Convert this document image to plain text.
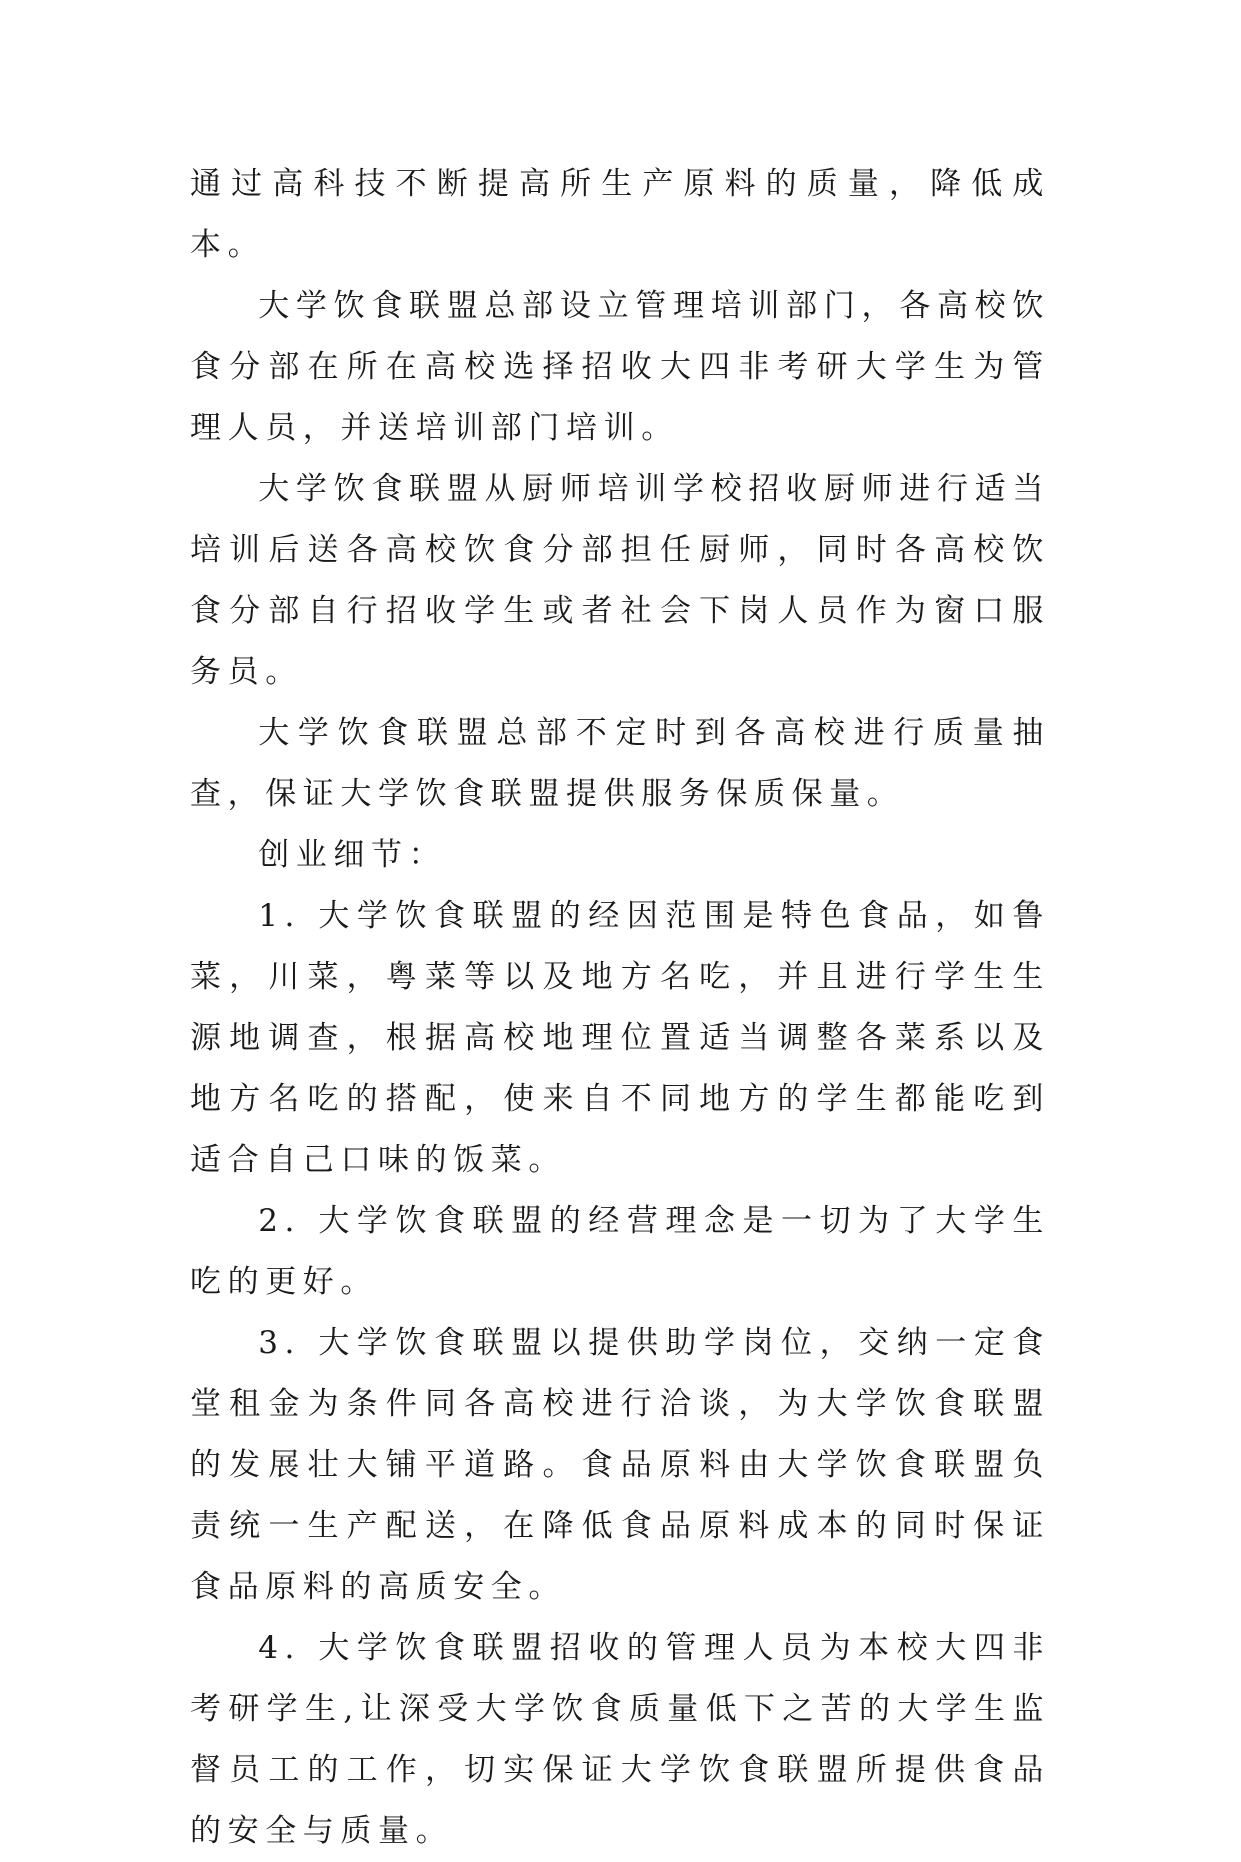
通过高科技不断提高所生产原料的质量，降低成本。

大学饮食联盟总部设立管理培训部门，各高校饮食分部在所在高校选择招收大四非考研大学生为管理人员，并送培训部门培训。

大学饮食联盟从厨师培训学校招收厨师进行适当培训后送各高校饮食分部担任厨师，同时各高校饮食分部自行招收学生或者社会下岗人员作为窗口服务员。

大学饮食联盟总部不定时到各高校进行质量抽查，保证大学饮食联盟提供服务保质保量。

创业细节：

1. 大学饮食联盟的经因范围是特色食品，如鲁菜，川菜，粤菜等以及地方名吃，并且进行学生生源地调查，根据高校地理位置适当调整各菜系以及地方名吃的搭配，使来自不同地方的学生都能吃到适合自己口味的饭菜。

2. 大学饮食联盟的经营理念是一切为了大学生吃的更好。

3. 大学饮食联盟以提供助学岗位，交纳一定食堂租金为条件同各高校进行洽谈，为大学饮食联盟的发展壮大铺平道路。食品原料由大学饮食联盟负责统一生产配送，在降低食品原料成本的同时保证食品原料的高质安全。

4. 大学饮食联盟招收的管理人员为本校大四非考研学生,让深受大学饮食质量低下之苦的大学生监督员工的工作，切实保证大学饮食联盟所提供食品的安全与质量。
